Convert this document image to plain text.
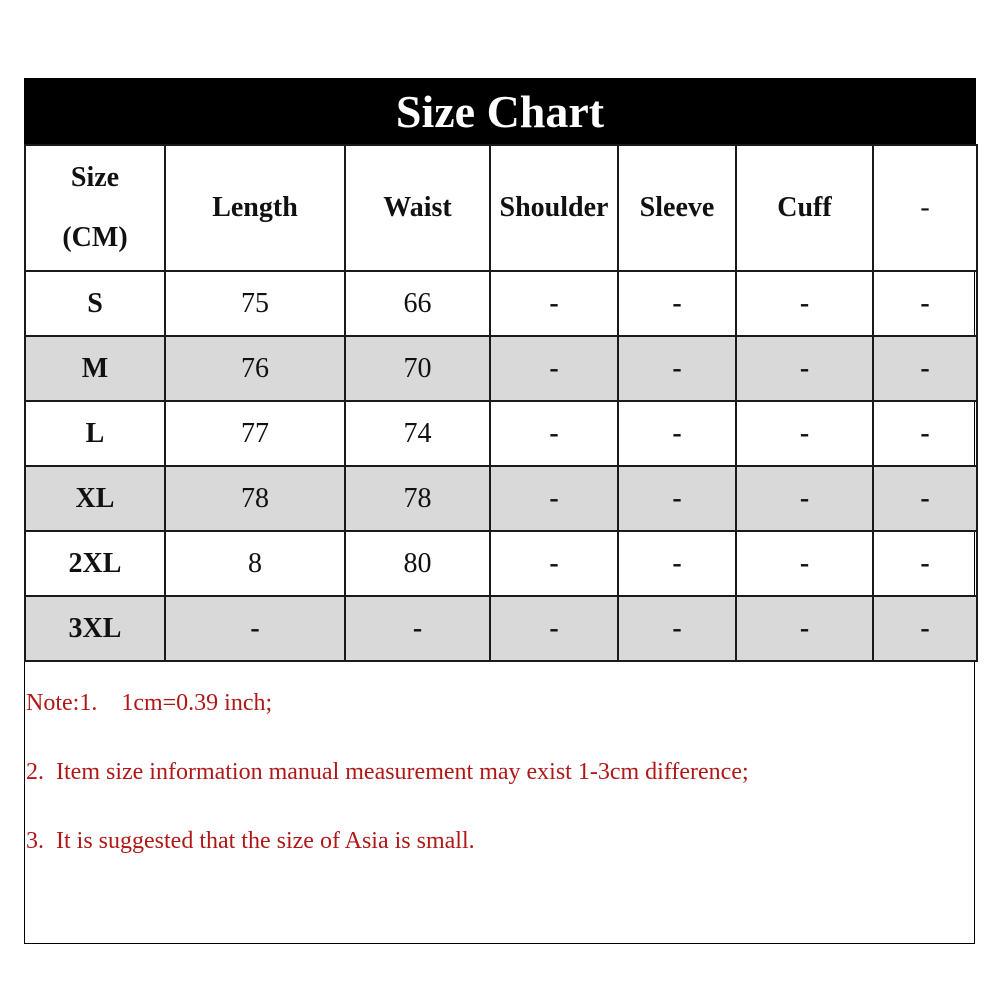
Size Chart
Size
(CM)	Length	Waist	Shoulder	Sleeve	Cuff	-
S	75	66	-	-	-	-
M	76	70	-	-	-	-
L	77	74	-	-	-	-
XL	78	78	-	-	-	-
2XL	8	80	-	-	-	-
3XL	-	-	-	-	-	-
Note:1.    1cm=0.39 inch;
2.  Item size information manual measurement may exist 1-3cm difference;
3.  It is suggested that the size of Asia is small.
